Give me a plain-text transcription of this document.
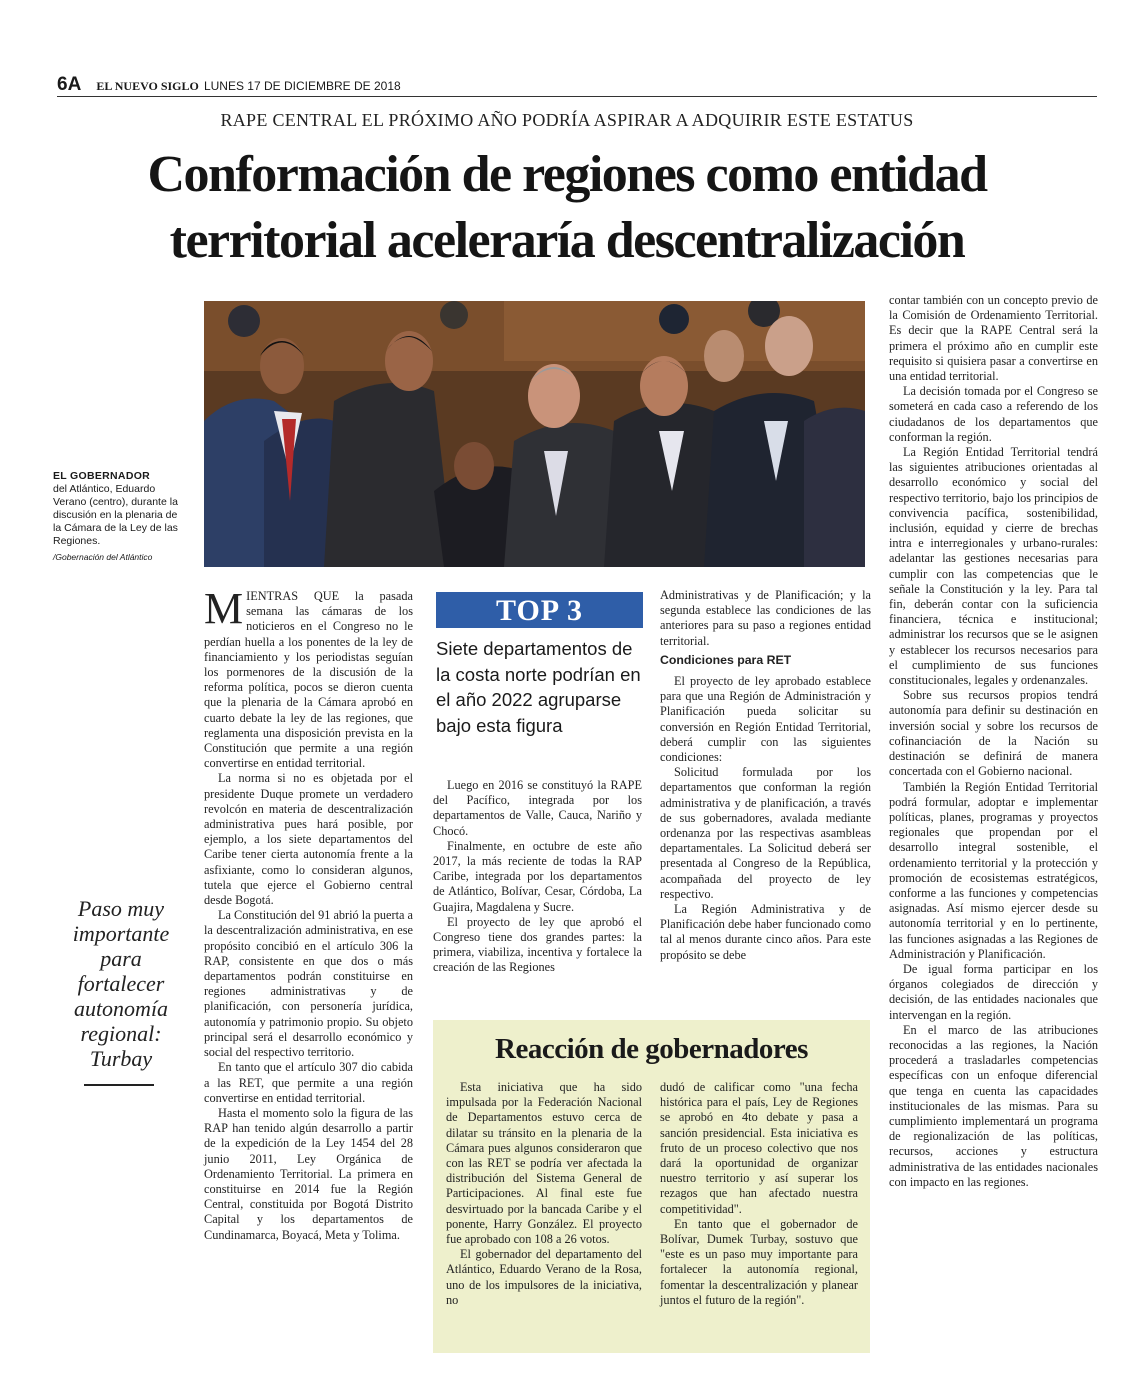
6A EL NUEVO SIGLO LUNES 17 DE DICIEMBRE DE 2018
RAPE CENTRAL EL PRÓXIMO AÑO PODRÍA ASPIRAR A ADQUIRIR ESTE ESTATUS
Conformación de regiones como entidad
territorial aceleraría descentralización
EL GOBERNADOR
del Atlántico, Eduardo Verano (centro), durante la discusión en la plenaria de la Cámara de la Ley de las Regiones.
/Gobernación del Atlántico
Paso muy importante para fortalecer autonomía regional: Turbay

MIENTRAS QUE la pasada semana las cámaras de los noticieros en el Congreso no le perdían huella a los ponentes de la ley de financiamiento y los periodistas seguían los pormenores de la discusión de la reforma política, pocos se dieron cuenta que la plenaria de la Cámara aprobó en cuarto debate la ley de las regiones, que reglamenta una disposición prevista en la Constitución que permite a una región convertirse en entidad territorial.

La norma si no es objetada por el presidente Duque promete un verdadero revolcón en materia de descentralización administrativa pues hará posible, por ejemplo, a los siete departamentos del Caribe tener cierta autonomía frente a la asfixiante, como lo consideran algunos, tutela que ejerce el Gobierno central desde Bogotá.

La Constitución del 91 abrió la puerta a la descentralización administrativa, en ese propósito concibió en el artículo 306 la RAP, consistente en que dos o más departamentos podrán constituirse en regiones administrativas y de planificación, con personería jurídica, autonomía y patrimonio propio. Su objeto principal será el desarrollo económico y social del respectivo territorio.

En tanto que el artículo 307 dio cabida a las RET, que permite a una región convertirse en entidad territorial.

Hasta el momento solo la figura de las RAP han tenido algún desarrollo a partir de la expedición de la Ley 1454 del 28 junio 2011, Ley Orgánica de Ordenamiento Territorial. La primera en constituirse en 2014 fue la Región Central, constituida por Bogotá Distrito Capital y los departamentos de Cundinamarca, Boyacá, Meta y Tolima.

TOP 3
Siete departamentos de la costa norte podrían en el año 2022 agruparse bajo esta figura

Luego en 2016 se constituyó la RAPE del Pacífico, integrada por los departamentos de Valle, Cauca, Nariño y Chocó.

Finalmente, en octubre de este año 2017, la más reciente de todas la RAP Caribe, integrada por los departamentos de Atlántico, Bolívar, Cesar, Córdoba, La Guajira, Magdalena y Sucre.

El proyecto de ley que aprobó el Congreso tiene dos grandes partes: la primera, viabiliza, incentiva y fortalece la creación de las Regiones

Administrativas y de Planificación; y la segunda establece las condiciones de las anteriores para su paso a regiones entidad territorial.

Condiciones para RET

El proyecto de ley aprobado establece para que una Región de Administración y Planificación pueda solicitar su conversión en Región Entidad Territorial, deberá cumplir con las siguientes condiciones:

Solicitud formulada por los departamentos que conforman la región administrativa y de planificación, a través de sus gobernadores, avalada mediante ordenanza por las respectivas asambleas departamentales. La Solicitud deberá ser presentada al Congreso de la República, acompañada del proyecto de ley respectivo.

La Región Administrativa y de Planificación debe haber funcionado como tal al menos durante cinco años. Para este propósito se debe

contar también con un concepto previo de la Comisión de Ordenamiento Territorial. Es decir que la RAPE Central será la primera el próximo año en cumplir este requisito si quisiera pasar a convertirse en una entidad territorial.

La decisión tomada por el Congreso se someterá en cada caso a referendo de los ciudadanos de los departamentos que conforman la región.

La Región Entidad Territorial tendrá las siguientes atribuciones orientadas al desarrollo económico y social del respectivo territorio, bajo los principios de convivencia pacífica, sostenibilidad, inclusión, equidad y cierre de brechas intra e interregionales y urbano-rurales: adelantar las gestiones necesarias para cumplir con las competencias que le señale la Constitución y la ley. Para tal fin, deberán contar con la suficiencia financiera, técnica e institucional; administrar los recursos que se le asignen y establecer los recursos necesarios para el cumplimiento de sus funciones constitucionales, legales y ordenanzales.

Sobre sus recursos propios tendrá autonomía para definir su destinación en inversión social y sobre los recursos de cofinanciación de la Nación su destinación se definirá de manera concertada con el Gobierno nacional.

También la Región Entidad Territorial podrá formular, adoptar e implementar políticas, planes, programas y proyectos regionales que propendan por el desarrollo integral sostenible, el ordenamiento territorial y la protección y promoción de ecosistemas estratégicos, conforme a las funciones y competencias asignadas. Así mismo ejercer desde su autonomía territorial y en lo pertinente, las funciones asignadas a las Regiones de Administración y Planificación.

De igual forma participar en los órganos colegiados de dirección y decisión, de las entidades nacionales que intervengan en la región.

En el marco de las atribuciones reconocidas a las regiones, la Nación procederá a trasladarles competencias específicas con un enfoque diferencial que tenga en cuenta las capacidades institucionales de las mismas. Para su cumplimiento implementará un programa de regionalización de las políticas, recursos, acciones y estructura administrativa de las entidades nacionales con impacto en las regiones.

Reacción de gobernadores

Esta iniciativa que ha sido impulsada por la Federación Nacional de Departamentos estuvo cerca de dilatar su tránsito en la plenaria de la Cámara pues algunos consideraron que con las RET se podría ver afectada la distribución del Sistema General de Participaciones. Al final este fue desvirtuado por la bancada Caribe y el ponente, Harry González. El proyecto fue aprobado con 108 a 26 votos.

El gobernador del departamento del Atlántico, Eduardo Verano de la Rosa, uno de los impulsores de la iniciativa, no

dudó de calificar como "una fecha histórica para el país, Ley de Regiones se aprobó en 4to debate y pasa a sanción presidencial. Esta iniciativa es fruto de un proceso colectivo que nos dará la oportunidad de organizar nuestro territorio y así superar los rezagos que han afectado nuestra competitividad".

En tanto que el gobernador de Bolívar, Dumek Turbay, sostuvo que "este es un paso muy importante para fortalecer la autonomía regional, fomentar la descentralización y planear juntos el futuro de la región".
